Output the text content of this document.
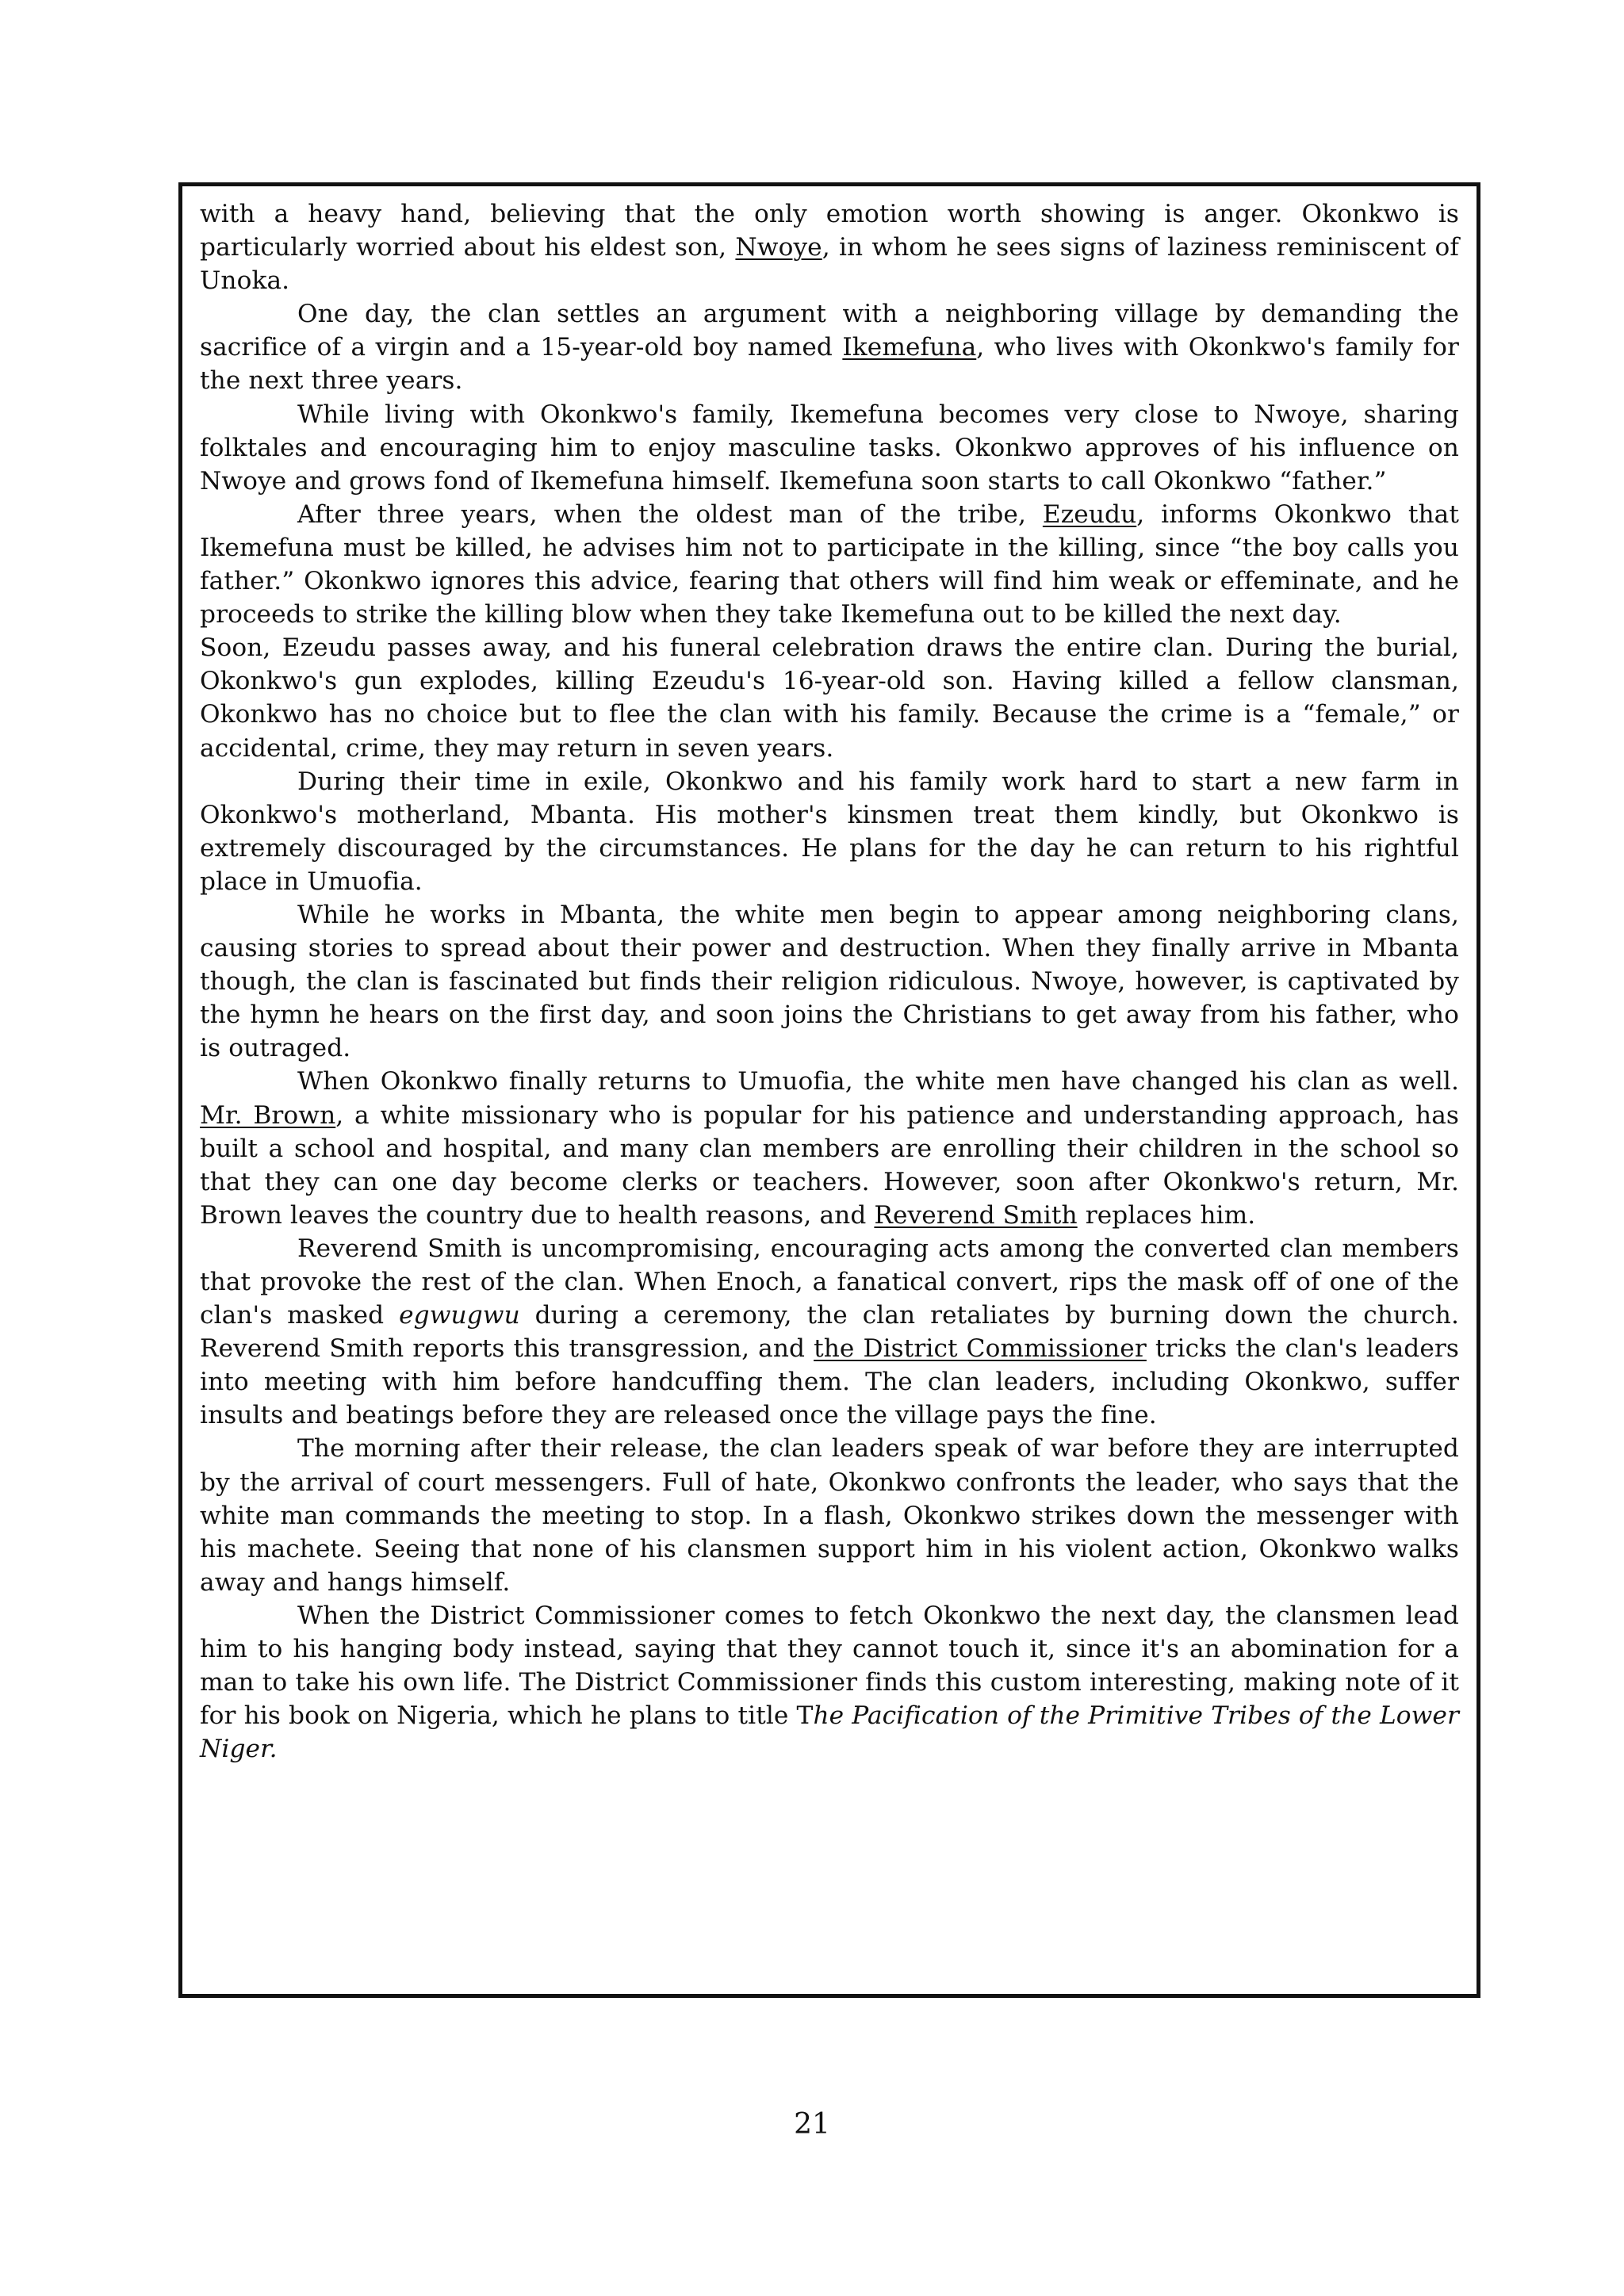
with a heavy hand, believing that the only emotion worth showing is anger. Okonkwo is particularly worried about his eldest son, Nwoye, in whom he sees signs of laziness reminiscent of Unoka.

One day, the clan settles an argument with a neighboring village by demanding the sacrifice of a virgin and a 15-year-old boy named Ikemefuna, who lives with Okonkwo's family for the next three years.

While living with Okonkwo's family, Ikemefuna becomes very close to Nwoye, sharing folktales and encouraging him to enjoy masculine tasks. Okonkwo approves of his influence on Nwoye and grows fond of Ikemefuna himself. Ikemefuna soon starts to call Okonkwo “father.”

After three years, when the oldest man of the tribe, Ezeudu, informs Okonkwo that Ikemefuna must be killed, he advises him not to participate in the killing, since “the boy calls you father.” Okonkwo ignores this advice, fearing that others will find him weak or effeminate, and he proceeds to strike the killing blow when they take Ikemefuna out to be killed the next day.

Soon, Ezeudu passes away, and his funeral celebration draws the entire clan. During the burial, Okonkwo's gun explodes, killing Ezeudu's 16-year-old son. Having killed a fellow clansman, Okonkwo has no choice but to flee the clan with his family. Because the crime is a “female,” or accidental, crime, they may return in seven years.

During their time in exile, Okonkwo and his family work hard to start a new farm in Okonkwo's motherland, Mbanta. His mother's kinsmen treat them kindly, but Okonkwo is extremely discouraged by the circumstances. He plans for the day he can return to his rightful place in Umuofia.

While he works in Mbanta, the white men begin to appear among neighboring clans, causing stories to spread about their power and destruction. When they finally arrive in Mbanta though, the clan is fascinated but finds their religion ridiculous. Nwoye, however, is captivated by the hymn he hears on the first day, and soon joins the Christians to get away from his father, who is outraged.

When Okonkwo finally returns to Umuofia, the white men have changed his clan as well. Mr. Brown, a white missionary who is popular for his patience and understanding approach, has built a school and hospital, and many clan members are enrolling their children in the school so that they can one day become clerks or teachers. However, soon after Okonkwo's return, Mr. Brown leaves the country due to health reasons, and Reverend Smith replaces him.

Reverend Smith is uncompromising, encouraging acts among the converted clan members that provoke the rest of the clan. When Enoch, a fanatical convert, rips the mask off of one of the clan's masked egwugwu during a ceremony, the clan retaliates by burning down the church. Reverend Smith reports this transgression, and the District Commissioner tricks the clan's leaders into meeting with him before handcuffing them. The clan leaders, including Okonkwo, suffer insults and beatings before they are released once the village pays the fine.

The morning after their release, the clan leaders speak of war before they are interrupted by the arrival of court messengers. Full of hate, Okonkwo confronts the leader, who says that the white man commands the meeting to stop. In a flash, Okonkwo strikes down the messenger with his machete. Seeing that none of his clansmen support him in his violent action, Okonkwo walks away and hangs himself.

When the District Commissioner comes to fetch Okonkwo the next day, the clansmen lead him to his hanging body instead, saying that they cannot touch it, since it's an abomination for a man to take his own life. The District Commissioner finds this custom interesting, making note of it for his book on Nigeria, which he plans to title The Pacification of the Primitive Tribes of the Lower Niger.

21
